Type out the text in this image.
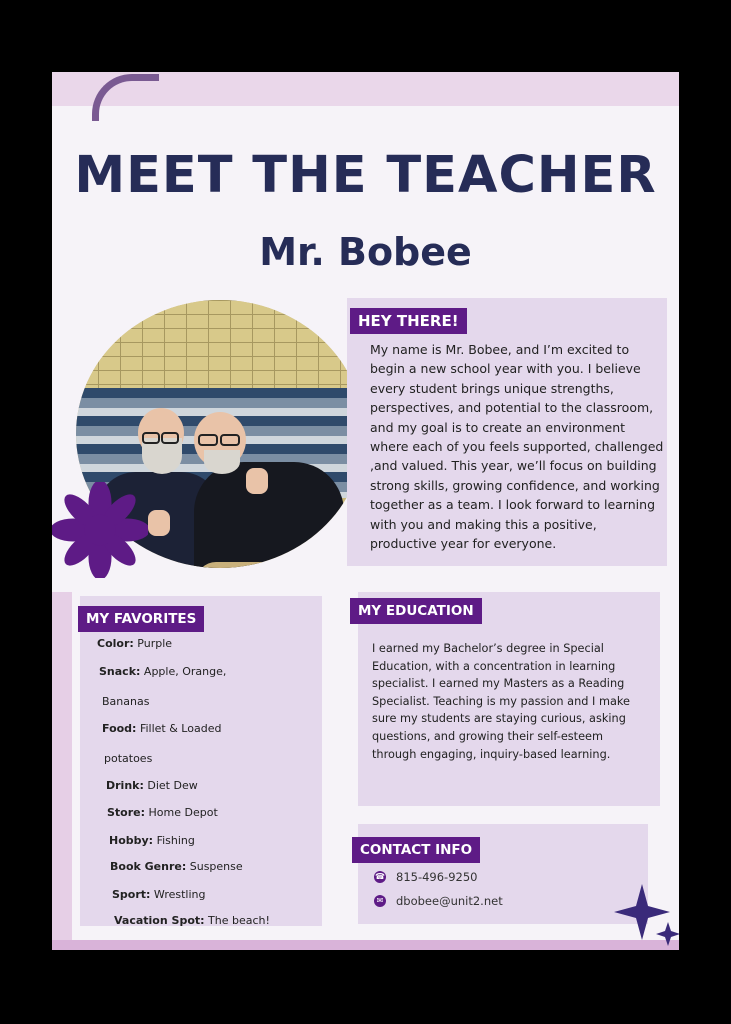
MEET THE TEACHER
Mr. Bobee
HEY THERE!
My name is Mr. Bobee, and I’m excited to begin a new school year with you. I believe every student brings unique strengths, perspectives, and potential to the classroom, and my goal is to create an environment where each of you feels supported, challenged ,and valued. This year, we’ll focus on building strong skills, growing confidence, and working together as a team. I look forward to learning with you and making this a positive, productive year for everyone.
MY FAVORITES
Color: Purple
Snack: Apple, Orange,
Bananas
Food: Fillet & Loaded
potatoes
Drink: Diet Dew
Store: Home Depot
Hobby: Fishing
Book Genre: Suspense
Sport: Wrestling
Vacation Spot: The beach!
MY EDUCATION
I earned my Bachelor’s degree in Special Education, with a concentration in learning specialist. I earned my Masters as a Reading Specialist. Teaching is my passion and I make sure my students are staying curious, asking questions, and growing their self-esteem through engaging, inquiry-based learning.
CONTACT INFO
☎ 815-496-9250
✉ dbobee@unit2.net
